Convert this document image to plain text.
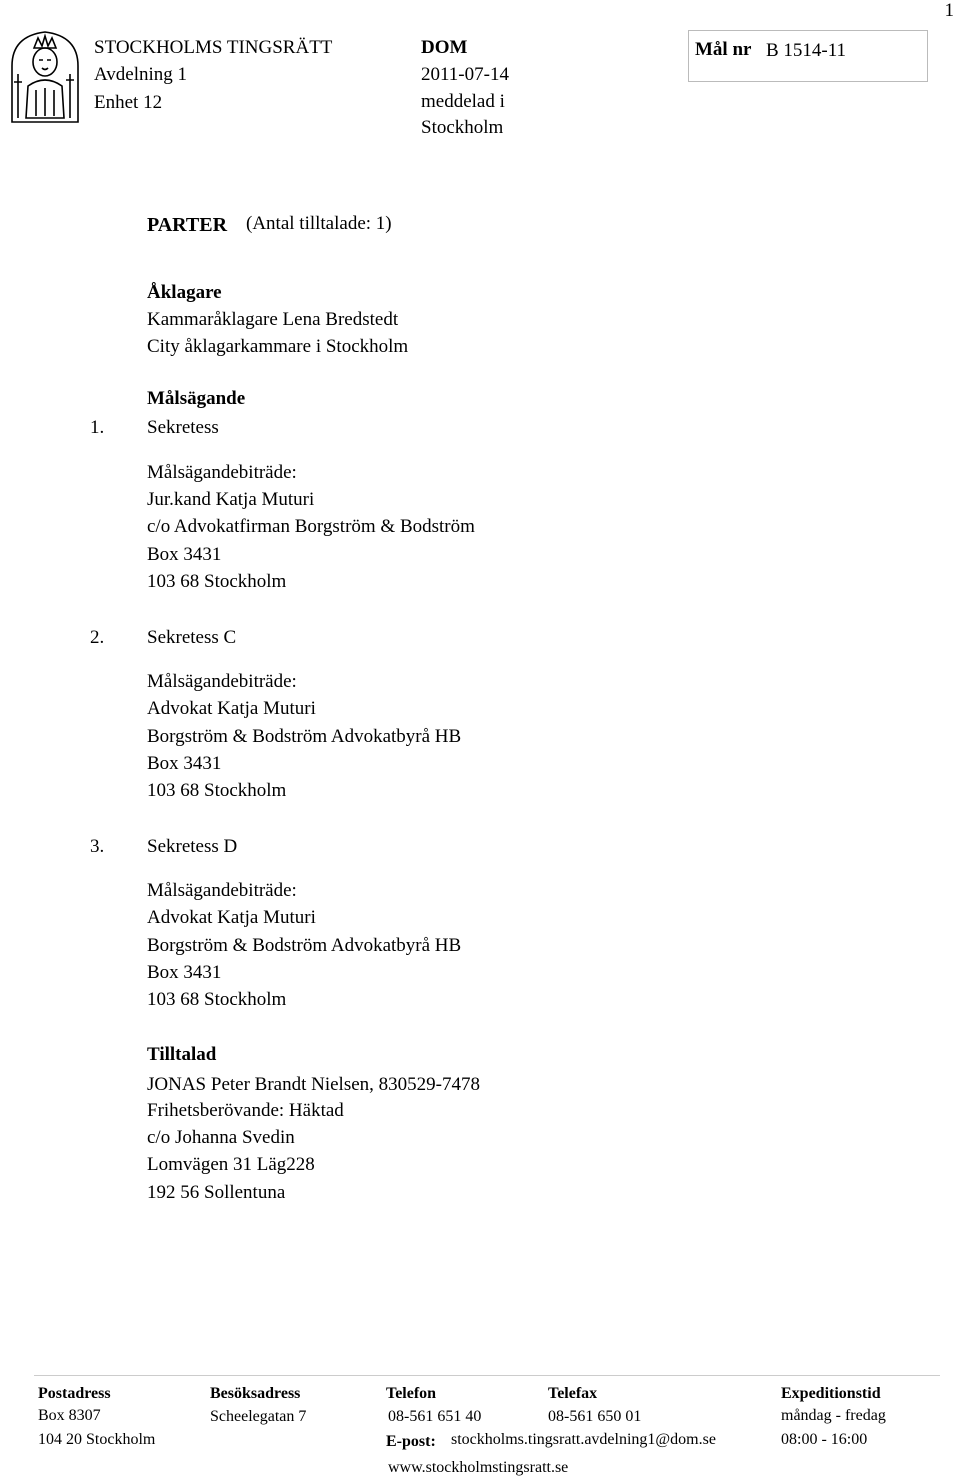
1
STOCKHOLMS TINGSRÄTT
Avdelning 1
Enhet 12
DOM
2011-07-14
meddelad i
Stockholm
Mål nr B 1514-11
PARTER (Antal tilltalade: 1)
Åklagare
Kammaråklagare Lena Bredstedt
City åklagarkammare i Stockholm
Målsägande
1. Sekretess
Målsägandebiträde:
Jur.kand Katja Muturi
c/o Advokatfirman Borgström & Bodström
Box 3431
103 68 Stockholm
2. Sekretess C
Målsägandebiträde:
Advokat Katja Muturi
Borgström & Bodström Advokatbyrå HB
Box 3431
103 68 Stockholm
3. Sekretess D
Målsägandebiträde:
Advokat Katja Muturi
Borgström & Bodström Advokatbyrå HB
Box 3431
103 68 Stockholm
Tilltalad
JONAS Peter Brandt Nielsen, 830529-7478
Frihetsberövande: Häktad
c/o Johanna Svedin
Lomvägen 31 Läg228
192 56 Sollentuna
Postadress
Box 8307
104 20 Stockholm
Besöksadress
Scheelegatan 7
Telefon
08-561 651 40
Telefax
08-561 650 01
E-post: stockholms.tingsratt.avdelning1@dom.se
www.stockholmstingsratt.se
Expeditionstid
måndag - fredag
08:00 - 16:00
